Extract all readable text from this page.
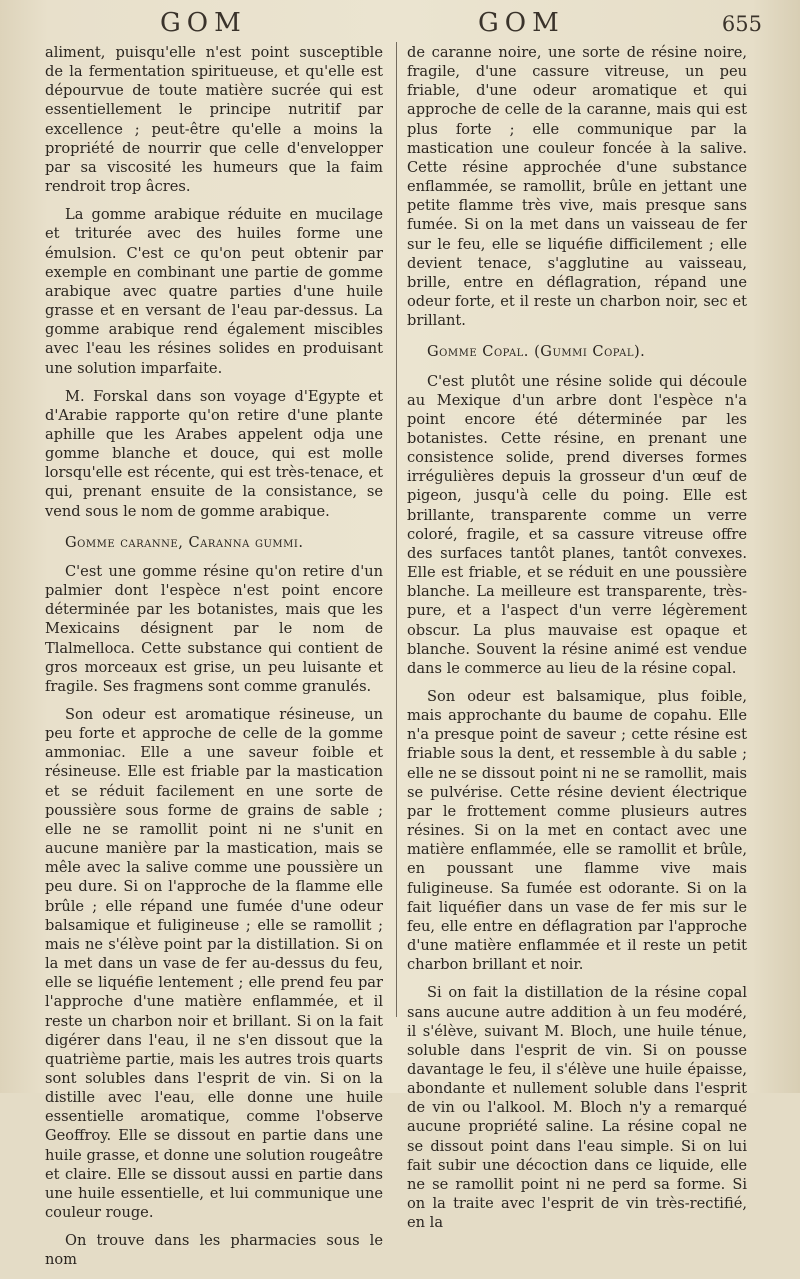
GOM	GOM	655

aliment, puisqu'elle n'est point susceptible de la fermentation spiritueuse, et qu'elle est dépourvue de toute matière sucrée qui est essentiellement le principe nutritif par excellence ; peut-être qu'elle a moins la propriété de nourrir que celle d'envelopper par sa viscosité les humeurs que la faim rendroit trop âcres.

La gomme arabique réduite en mucilage et triturée avec des huiles forme une émulsion. C'est ce qu'on peut obtenir par exemple en combinant une partie de gomme arabique avec quatre parties d'une huile grasse et en versant de l'eau par-dessus. La gomme arabique rend également miscibles avec l'eau les résines solides en produisant une solution imparfaite.

M. Forskal dans son voyage d'Egypte et d'Arabie rapporte qu'on retire d'une plante aphille que les Arabes appelent odja une gomme blanche et douce, qui est molle lorsqu'elle est récente, qui est très-tenace, et qui, prenant ensuite de la consistance, se vend sous le nom de gomme arabique.

Gomme caranne, Caranna gummi.

C'est une gomme résine qu'on retire d'un palmier dont l'espèce n'est point encore déterminée par les botanistes, mais que les Mexicains désignent par le nom de Tlalmelloca. Cette substance qui contient de gros morceaux est grise, un peu luisante et fragile. Ses fragmens sont comme granulés.

Son odeur est aromatique résineuse, un peu forte et approche de celle de la gomme ammoniac. Elle a une saveur foible et résineuse. Elle est friable par la mastication et se réduit facilement en une sorte de poussière sous forme de grains de sable ; elle ne se ramollit point ni ne s'unit en aucune manière par la mastication, mais se mêle avec la salive comme une poussière un peu dure. Si on l'approche de la flamme elle brûle ; elle répand une fumée d'une odeur balsamique et fuligineuse ; elle se ramollit ; mais ne s'élève point par la distillation. Si on la met dans un vase de fer au-dessus du feu, elle se liquéfie lentement ; elle prend feu par l'approche d'une matière enflammée, et il reste un charbon noir et brillant. Si on la fait digérer dans l'eau, il ne s'en dissout que la quatrième partie, mais les autres trois quarts sont solubles dans l'esprit de vin. Si on la distille avec l'eau, elle donne une huile essentielle aromatique, comme l'observe Geoffroy. Elle se dissout en partie dans une huile grasse, et donne une solution rougeâtre et claire. Elle se dissout aussi en partie dans une huile essentielle, et lui communique une couleur rouge.

On trouve dans les pharmacies sous le nom

de caranne noire, une sorte de résine noire, fragile, d'une cassure vitreuse, un peu friable, d'une odeur aromatique et qui approche de celle de la caranne, mais qui est plus forte ; elle communique par la mastication une couleur foncée à la salive. Cette résine approchée d'une substance enflammée, se ramollit, brûle en jettant une petite flamme très vive, mais presque sans fumée. Si on la met dans un vaisseau de fer sur le feu, elle se liquéfie difficilement ; elle devient tenace, s'agglutine au vaisseau, brille, entre en déflagration, répand une odeur forte, et il reste un charbon noir, sec et brillant.

Gomme Copal. (Gummi Copal).

C'est plutôt une résine solide qui découle au Mexique d'un arbre dont l'espèce n'a point encore été déterminée par les botanistes. Cette résine, en prenant une consistence solide, prend diverses formes irrégulières depuis la grosseur d'un œuf de pigeon, jusqu'à celle du poing. Elle est brillante, transparente comme un verre coloré, fragile, et sa cassure vitreuse offre des surfaces tantôt planes, tantôt convexes. Elle est friable, et se réduit en une poussière blanche. La meilleure est transparente, très-pure, et a l'aspect d'un verre légèrement obscur. La plus mauvaise est opaque et blanche. Souvent la résine animé est vendue dans le commerce au lieu de la résine copal.

Son odeur est balsamique, plus foible, mais approchante du baume de copahu. Elle n'a presque point de saveur ; cette résine est friable sous la dent, et ressemble à du sable ; elle ne se dissout point ni ne se ramollit, mais se pulvérise. Cette résine devient électrique par le frottement comme plusieurs autres résines. Si on la met en contact avec une matière enflammée, elle se ramollit et brûle, en poussant une flamme vive mais fuligineuse. Sa fumée est odorante. Si on la fait liquéfier dans un vase de fer mis sur le feu, elle entre en déflagration par l'approche d'une matière enflammée et il reste un petit charbon brillant et noir.

Si on fait la distillation de la résine copal sans aucune autre addition à un feu modéré, il s'élève, suivant M. Bloch, une huile ténue, soluble dans l'esprit de vin. Si on pousse davantage le feu, il s'élève une huile épaisse, abondante et nullement soluble dans l'esprit de vin ou l'alkool. M. Bloch n'y a remarqué aucune propriété saline. La résine copal ne se dissout point dans l'eau simple. Si on lui fait subir une décoction dans ce liquide, elle ne se ramollit point ni ne perd sa forme. Si on la traite avec l'esprit de vin très-rectifié, en la
